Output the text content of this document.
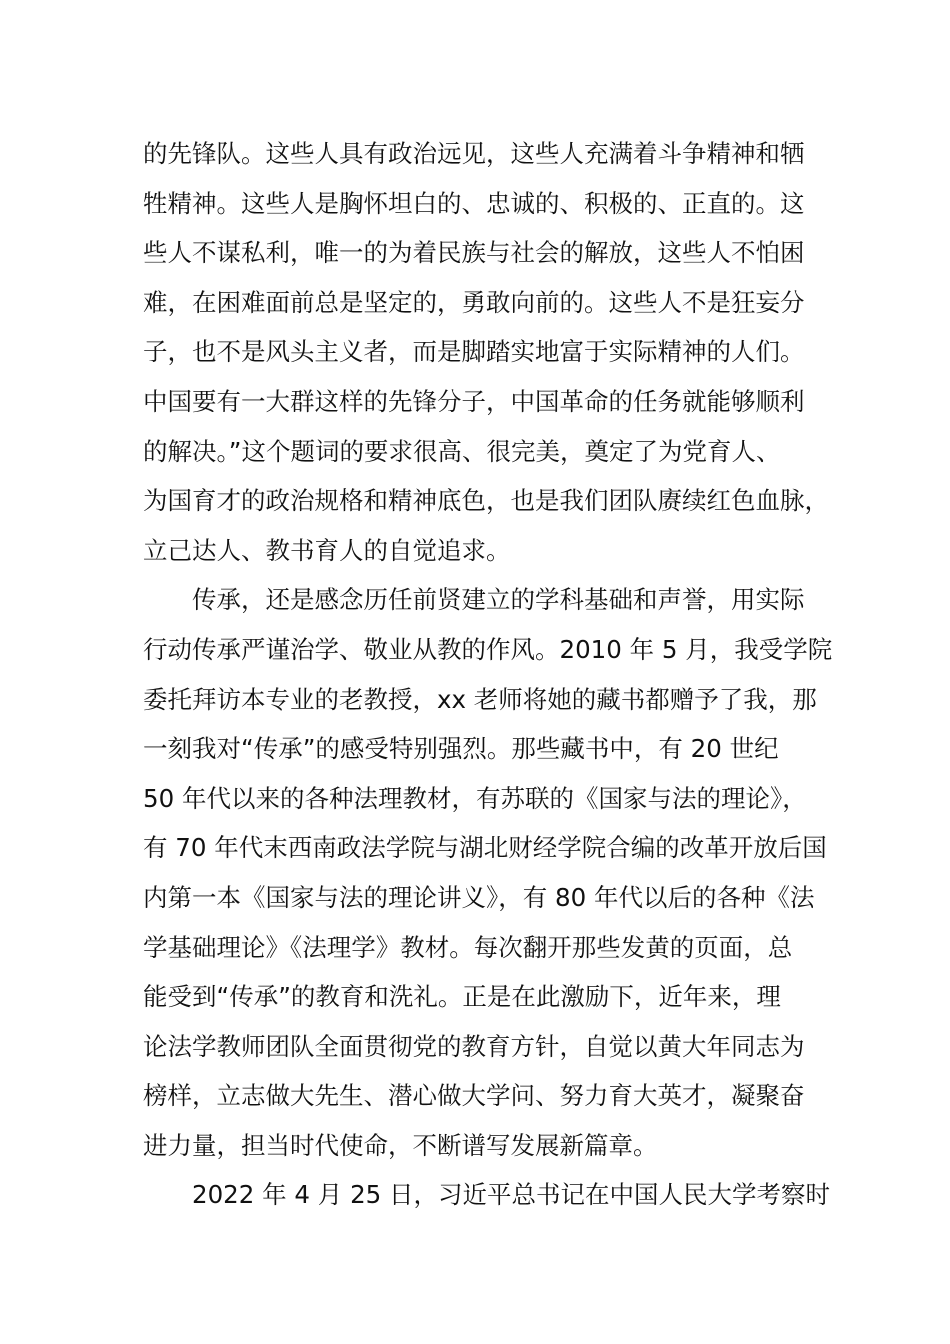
的先锋队。这些人具有政治远见，这些人充满着斗争精神和牺
牲精神。这些人是胸怀坦白的、忠诚的、积极的、正直的。这
些人不谋私利，唯一的为着民族与社会的解放，这些人不怕困
难，在困难面前总是坚定的，勇敢向前的。这些人不是狂妄分
子，也不是风头主义者，而是脚踏实地富于实际精神的人们。
中国要有一大群这样的先锋分子，中国革命的任务就能够顺利
的解决。”这个题词的要求很高、很完美，奠定了为党育人、
为国育才的政治规格和精神底色，也是我们团队赓续红色血脉，
立己达人、教书育人的自觉追求。
传承，还是感念历任前贤建立的学科基础和声誉，用实际
行动传承严谨治学、敬业从教的作风。2010 年 5 月，我受学院
委托拜访本专业的老教授，xx 老师将她的藏书都赠予了我，那
一刻我对“传承”的感受特别强烈。那些藏书中，有 20 世纪
50 年代以来的各种法理教材，有苏联的《国家与法的理论》，
有 70 年代末西南政法学院与湖北财经学院合编的改革开放后国
内第一本《国家与法的理论讲义》，有 80 年代以后的各种《法
学基础理论》《法理学》教材。每次翻开那些发黄的页面，总
能受到“传承”的教育和洗礼。正是在此激励下，近年来，理
论法学教师团队全面贯彻党的教育方针，自觉以黄大年同志为
榜样，立志做大先生、潜心做大学问、努力育大英才，凝聚奋
进力量，担当时代使命，不断谱写发展新篇章。
2022 年 4 月 25 日，习近平总书记在中国人民大学考察时
